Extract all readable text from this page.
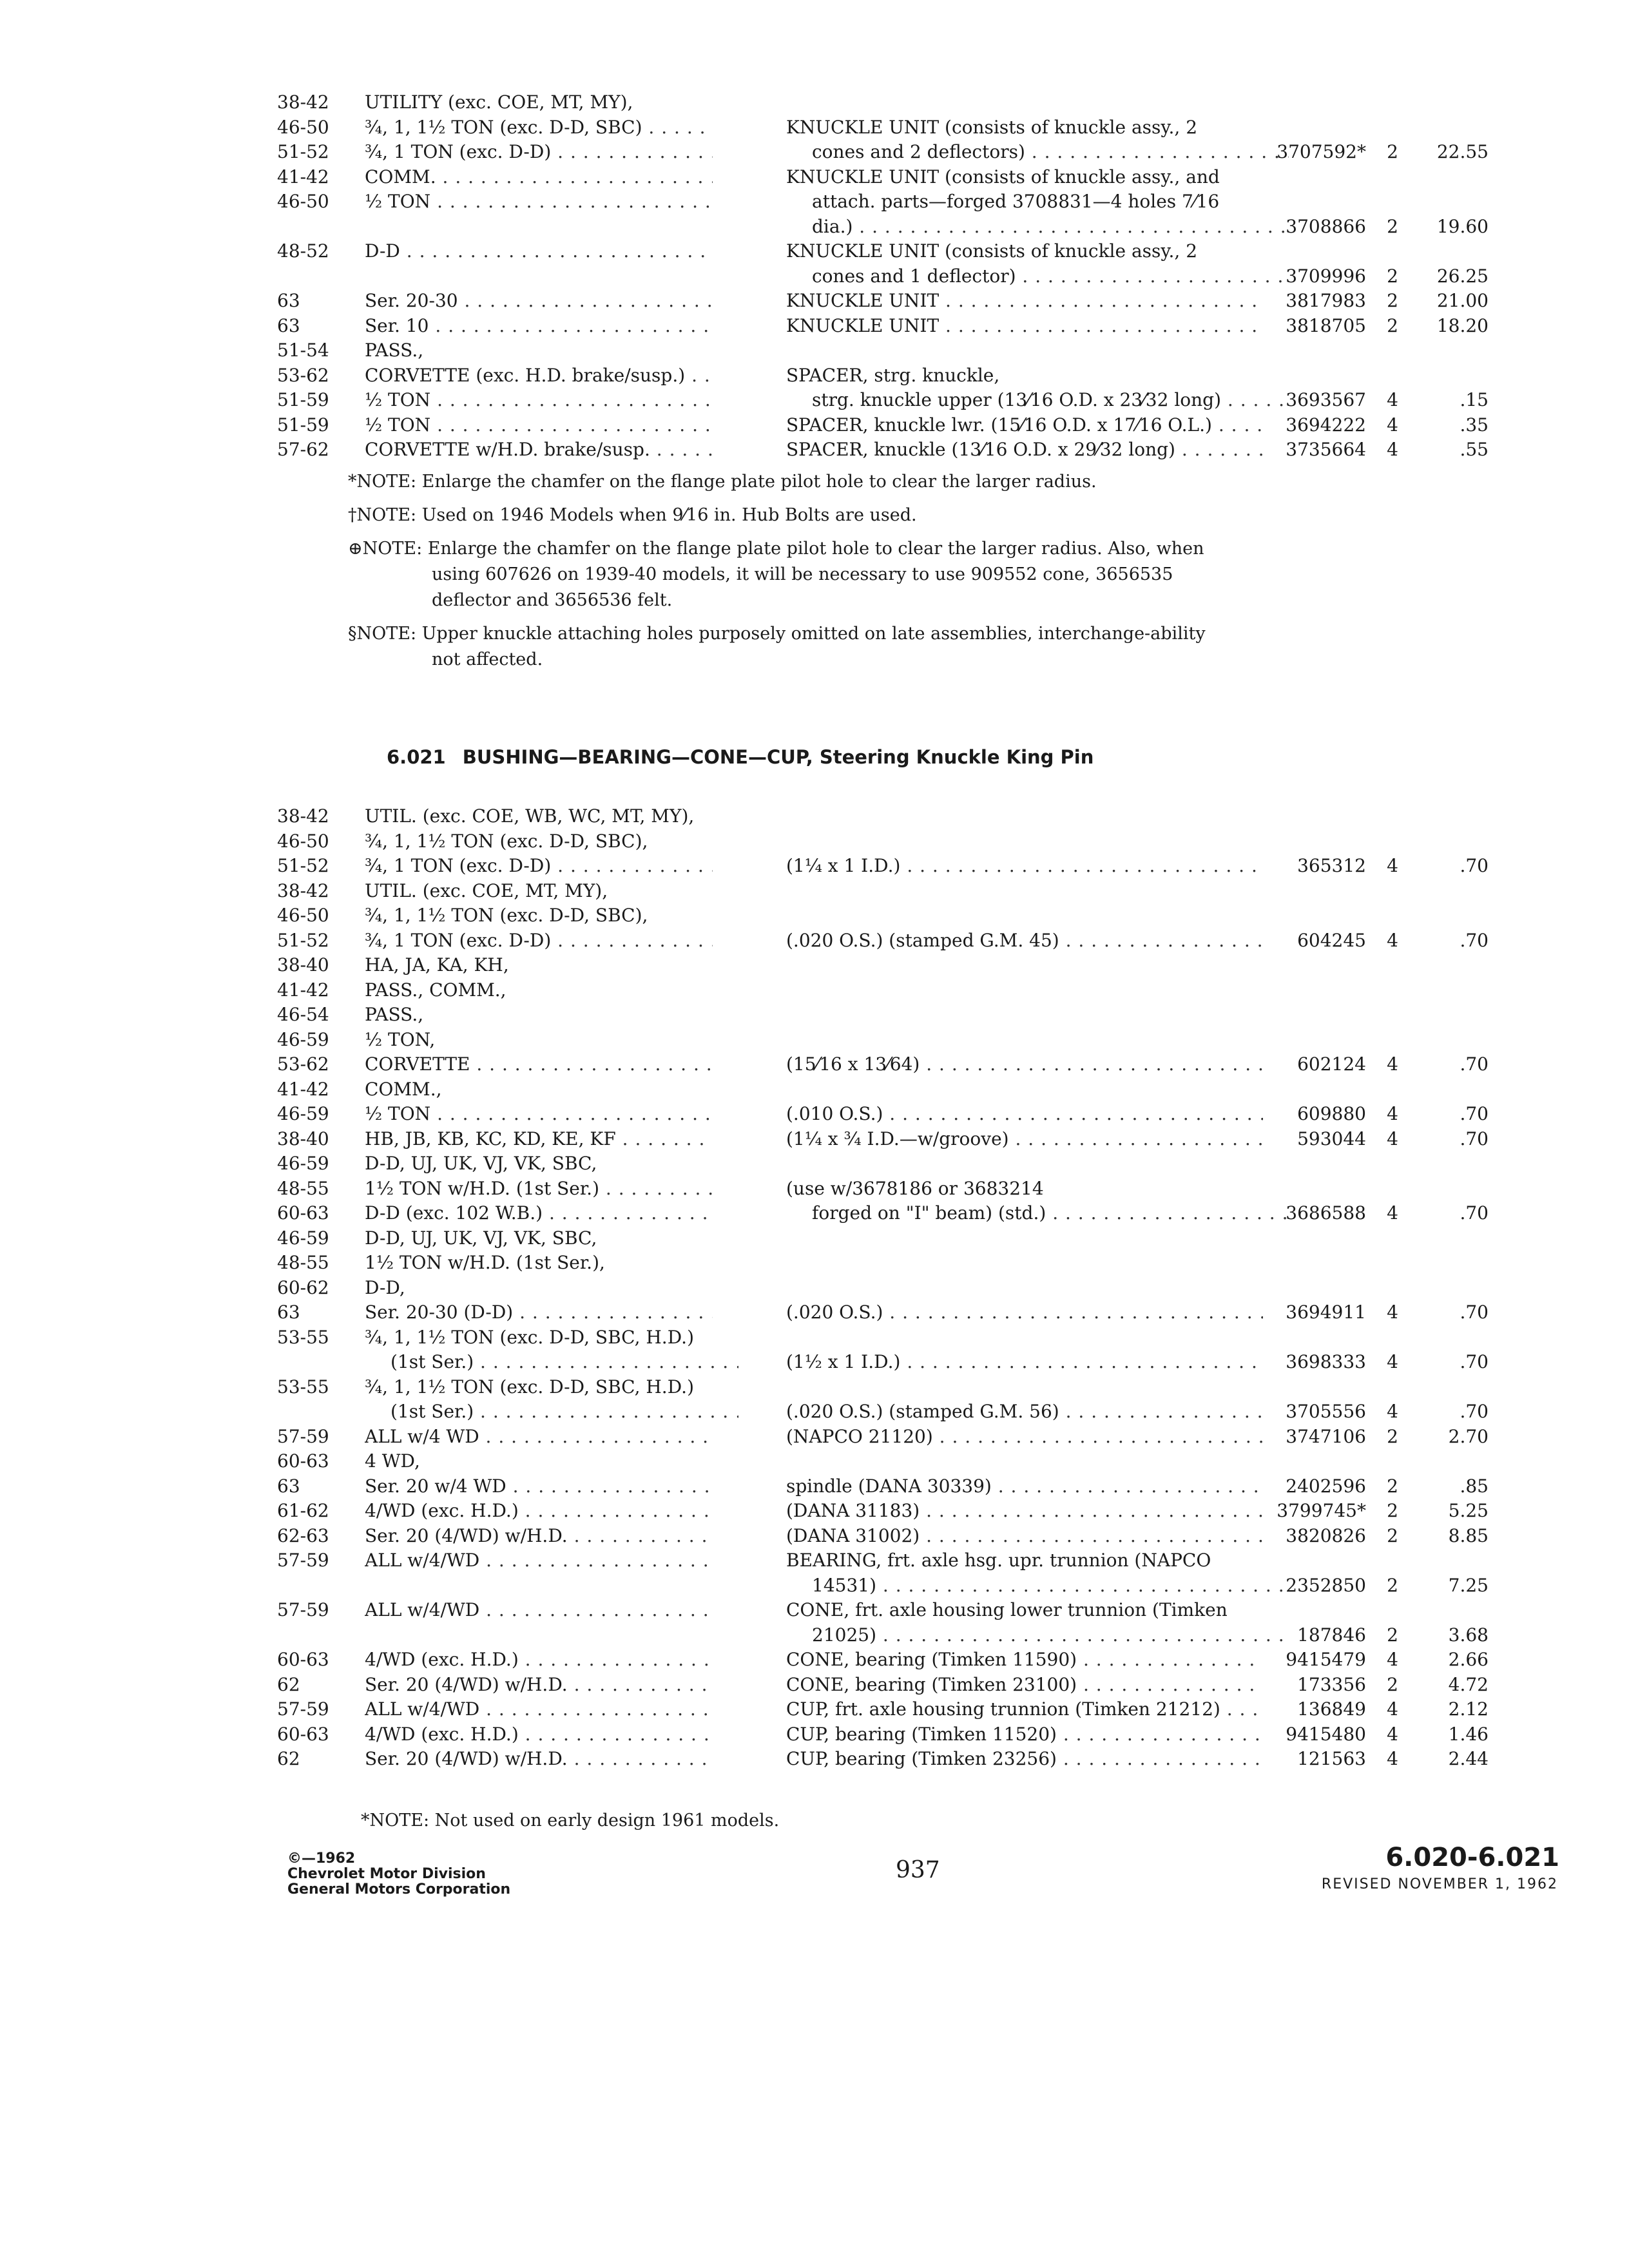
38-42	UTILITY (exc. COE, MT, MY),
46-50	¾, 1, 1½ TON (exc. D-D, SBC) . . .	KNUCKLE UNIT (consists of knuckle assy., 2
51-52	¾, 1 TON (exc. D-D) . . .	cones and 2 deflectors) . . .	3707592*	2	22.55
41-42	COMM. . . .	KNUCKLE UNIT (consists of knuckle assy., and
46-50	½ TON . . .	attach. parts—forged 3708831—4 holes 7⁄16
dia.) . . .	3708866	2	19.60
48-52	D-D . . .	KNUCKLE UNIT (consists of knuckle assy., 2
cones and 1 deflector) . . .	3709996	2	26.25
63	Ser. 20-30 . . .	KNUCKLE UNIT . . .	3817983	2	21.00
63	Ser. 10 . . .	KNUCKLE UNIT . . .	3818705	2	18.20
51-54	PASS.,
53-62	CORVETTE (exc. H.D. brake/susp.) . . .	SPACER, strg. knuckle,
51-59	½ TON . . .	strg. knuckle upper (13⁄16 O.D. x 23⁄32 long) . . .	3693567	4	.15
51-59	½ TON . . .	SPACER, knuckle lwr. (15⁄16 O.D. x 17⁄16 O.L.) . . .	3694222	4	.35
57-62	CORVETTE w/H.D. brake/susp. . . .	SPACER, knuckle (13⁄16 O.D. x 29⁄32 long) . . .	3735664	4	.55
*NOTE: Enlarge the chamfer on the flange plate pilot hole to clear the larger radius.
†NOTE: Used on 1946 Models when 9⁄16 in. Hub Bolts are used.
⊕NOTE: Enlarge the chamfer on the flange plate pilot hole to clear the larger radius. Also, when using 607626 on 1939-40 models, it will be necessary to use 909552 cone, 3656535 deflector and 3656536 felt.
§NOTE: Upper knuckle attaching holes purposely omitted on late assemblies, interchange-ability not affected.
6.021 BUSHING—BEARING—CONE—CUP, Steering Knuckle King Pin
38-42	UTIL. (exc. COE, WB, WC, MT, MY),
46-50	¾, 1, 1½ TON (exc. D-D, SBC),
51-52	¾, 1 TON (exc. D-D) . . .	(1¼ x 1 I.D.) . . .	365312	4	.70
38-42	UTIL. (exc. COE, MT, MY),
46-50	¾, 1, 1½ TON (exc. D-D, SBC),
51-52	¾, 1 TON (exc. D-D) . . .	(.020 O.S.) (stamped G.M. 45) . . .	604245	4	.70
38-40	HA, JA, KA, KH,
41-42	PASS., COMM.,
46-54	PASS.,
46-59	½ TON,
53-62	CORVETTE . . .	(15⁄16 x 13⁄64) . . .	602124	4	.70
41-42	COMM.,
46-59	½ TON . . .	(.010 O.S.) . . .	609880	4	.70
38-40	HB, JB, KB, KC, KD, KE, KF . . .	(1¼ x ¾ I.D.—w/groove) . . .	593044	4	.70
46-59	D-D, UJ, UK, VJ, VK, SBC,
48-55	1½ TON w/H.D. (1st Ser.) . . .	(use w/3678186 or 3683214
60-63	D-D (exc. 102 W.B.) . . .	forged on "I" beam) (std.) . . .	3686588	4	.70
46-59	D-D, UJ, UK, VJ, VK, SBC,
48-55	1½ TON w/H.D. (1st Ser.),
60-62	D-D,
63	Ser. 20-30 (D-D) . . .	(.020 O.S.) . . .	3694911	4	.70
53-55	¾, 1, 1½ TON (exc. D-D, SBC, H.D.)
(1st Ser.) . . .	(1½ x 1 I.D.) . . .	3698333	4	.70
53-55	¾, 1, 1½ TON (exc. D-D, SBC, H.D.)
(1st Ser.) . . .	(.020 O.S.) (stamped G.M. 56) . . .	3705556	4	.70
57-59	ALL w/4 WD . . .	(NAPCO 21120) . . .	3747106	2	2.70
60-63	4 WD,
63	Ser. 20 w/4 WD . . .	spindle (DANA 30339) . . .	2402596	2	.85
61-62	4/WD (exc. H.D.) . . .	(DANA 31183) . . .	3799745*	2	5.25
62-63	Ser. 20 (4/WD) w/H.D. . . .	(DANA 31002) . . .	3820826	2	8.85
57-59	ALL w/4/WD . . .	BEARING, frt. axle hsg. upr. trunnion (NAPCO
14531) . . .	2352850	2	7.25
57-59	ALL w/4/WD . . .	CONE, frt. axle housing lower trunnion (Timken
21025) . . .	187846	2	3.68
60-63	4/WD (exc. H.D.) . . .	CONE, bearing (Timken 11590) . . .	9415479	4	2.66
62	Ser. 20 (4/WD) w/H.D. . . .	CONE, bearing (Timken 23100) . . .	173356	2	4.72
57-59	ALL w/4/WD . . .	CUP, frt. axle housing trunnion (Timken 21212) . . .	136849	4	2.12
60-63	4/WD (exc. H.D.) . . .	CUP, bearing (Timken 11520) . . .	9415480	4	1.46
62	Ser. 20 (4/WD) w/H.D. . . .	CUP, bearing (Timken 23256) . . .	121563	4	2.44
*NOTE: Not used on early design 1961 models.
©—1962
Chevrolet Motor Division
General Motors Corporation
937	6.020-6.021
REVISED NOVEMBER 1, 1962
